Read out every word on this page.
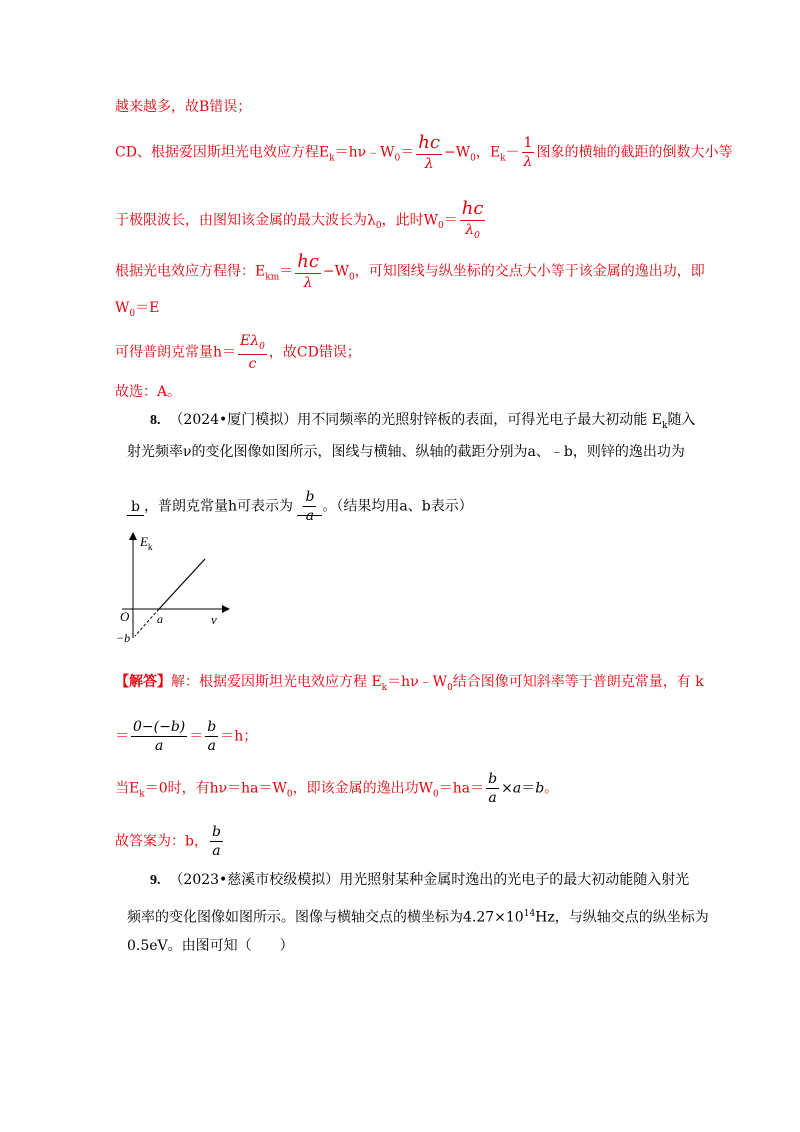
越来越多，故B错误；
CD、根据爱因斯坦光电效应方程$E_k=h\nu﹣W_0= \frac{hc}{\lambda} -W_0$，$E_k- \frac{1}{\lambda}$ 图象的横轴的截距的倒数大小等
于极限波长，由图知该金属的最大波长为$\lambda_0$，此时$W_0= \frac{hc}{\lambda_0}$
根据光电效应方程得：$E_{km}= \frac{hc}{\lambda} -W_0$，可知图线与纵坐标的交点大小等于该金属的逸出功，即
$W_0=E$
可得普朗克常量$h= \frac{E\lambda_0}{c}$ ，故CD错误；
故选：A。
8. （2024•厦门模拟）用不同频率的光照射锌板的表面，可得光电子最大初动能 $E_k$随入
射光频率ν的变化图像如图所示，图线与横轴、纵轴的截距分别为a、﹣b，则锌的逸出功为
b ，普朗克常量h可表示为 $\frac{b}{a}$ 。（结果均用a、b表示）
$E_k$
ν
O a
−b
【解答】解：根据爱因斯坦光电效应方程 $E_k=h\nu﹣W_0$结合图像可知斜率等于普朗克常量，有 k
＝ $\frac{0-(-b)}{a} = \frac{b}{a} =h$；
当$E_k=0$时，有$h\nu=ha=W_0$，即该金属的逸出功$W_0=ha= \frac{b}{a} \times a=b$。
故答案为：b， $\frac{b}{a}$
9. （2023•慈溪市校级模拟）用光照射某种金属时逸出的光电子的最大初动能随入射光
频率的变化图像如图所示。图像与横轴交点的横坐标为$4.27\times 10^{14}Hz$，与纵轴交点的纵坐标为
0.5eV。由图可知（　　）
